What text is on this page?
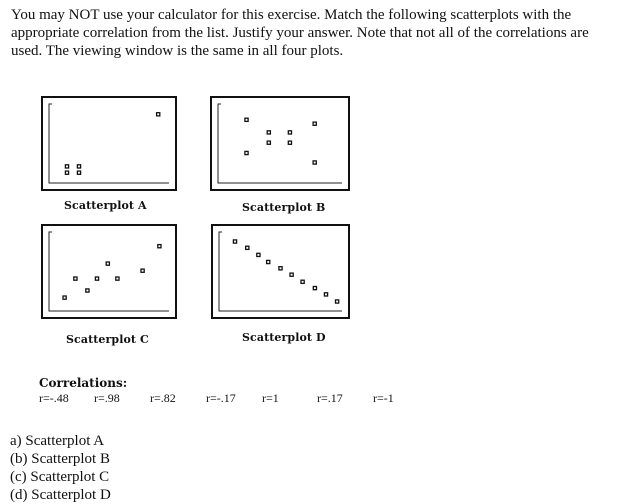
You may NOT use your calculator for this exercise. Match the following scatterplots with the appropriate correlation from the list. Justify your answer. Note that not all of the correlations are used. The viewing window is the same in all four plots.

Scatterplot A	Scatterplot B
Scatterplot C	Scatterplot D
Correlations:
r=-.48 r=.98	r=.82	r=-.17 r=1	r=.17	r=-1
a) Scatterplot A
(b) Scatterplot B
(c) Scatterplot C
(d) Scatterplot D
